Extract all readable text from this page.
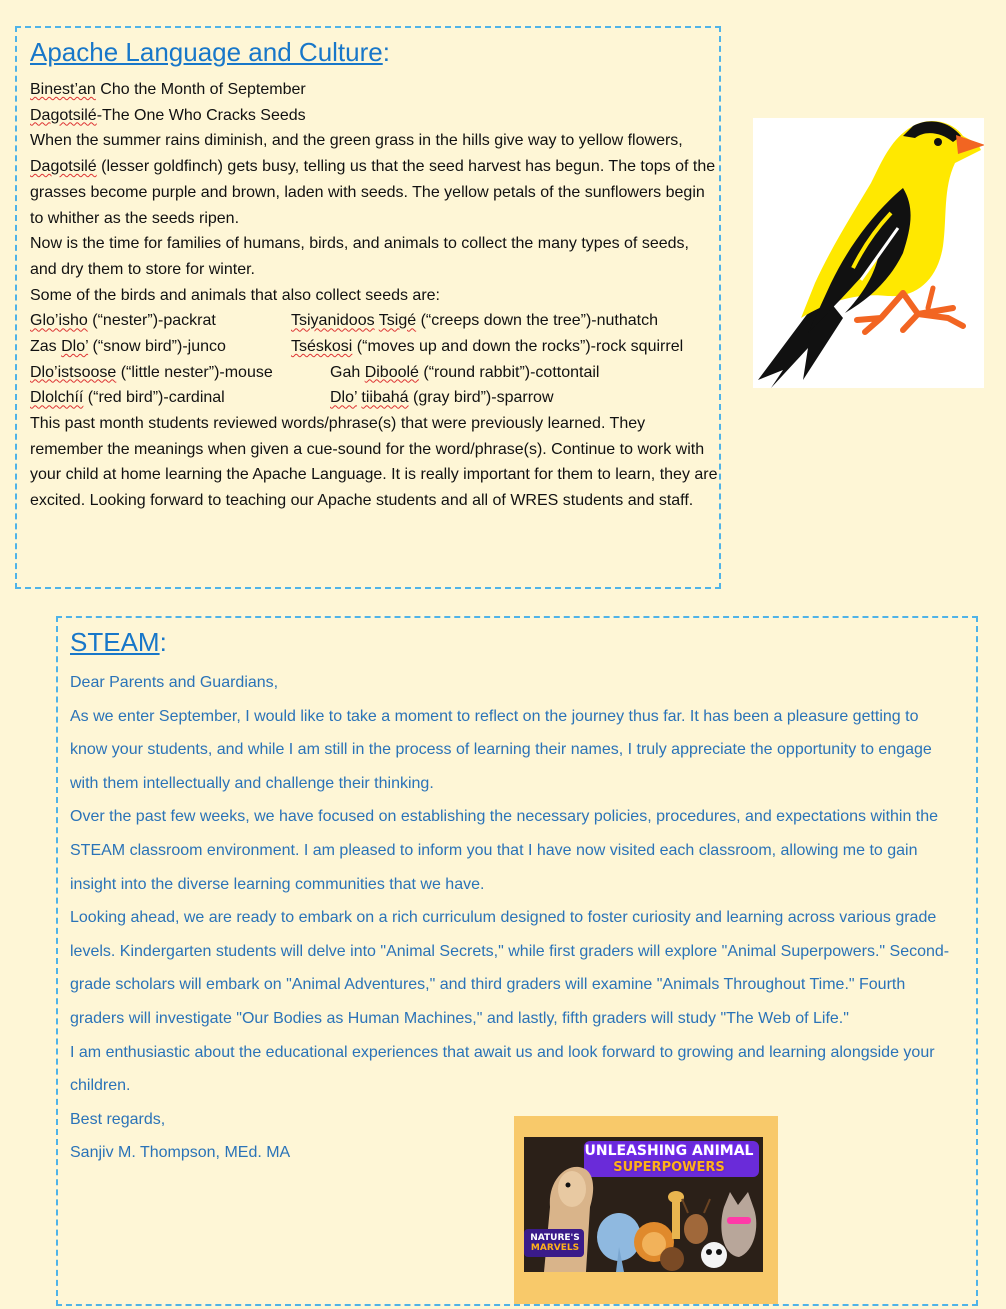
Apache Language and Culture:

Binest’an Cho the Month of September

Dagotsilé-The One Who Cracks Seeds

When the summer rains diminish, and the green grass in the hills give way to yellow flowers,

Dagotsilé (lesser goldfinch) gets busy, telling us that the seed harvest has begun. The tops of the grasses become purple and brown, laden with seeds. The yellow petals of the sunflowers begin to whither as the seeds ripen.

Now is the time for families of humans, birds, and animals to collect the many types of seeds, and dry them to store for winter.

Some of the birds and animals that also collect seeds are:

Glo’isho (“nester”)-packrat	Tsiyanidoos Tsigé (“creeps down the tree”)-nuthatch
Zas Dlo’ (“snow bird”)-junco	Tséskosi (“moves up and down the rocks”)-rock squirrel
Dlo’istsoose (“little nester”)-mouse	Gah Diboolé (“round rabbit”)-cottontail
Dlolchíí (“red bird”)-cardinal	Dlo’ tiibahá (gray bird”)-sparrow

This past month students reviewed words/phrase(s) that were previously learned. They remember the meanings when given a cue-sound for the word/phrase(s). Continue to work with your child at home learning the Apache Language. It is really important for them to learn, they are excited. Looking forward to teaching our Apache students and all of WRES students and staff.

STEAM:

Dear Parents and Guardians,

As we enter September, I would like to take a moment to reflect on the journey thus far. It has been a pleasure getting to know your students, and while I am still in the process of learning their names, I truly appreciate the opportunity to engage with them intellectually and challenge their thinking.

Over the past few weeks, we have focused on establishing the necessary policies, procedures, and expectations within the STEAM classroom environment. I am pleased to inform you that I have now visited each classroom, allowing me to gain insight into the diverse learning communities that we have.

Looking ahead, we are ready to embark on a rich curriculum designed to foster curiosity and learning across various grade levels. Kindergarten students will delve into "Animal Secrets," while first graders will explore "Animal Superpowers." Second-grade scholars will embark on "Animal Adventures," and third graders will examine "Animals Throughout Time." Fourth graders will investigate "Our Bodies as Human Machines," and lastly, fifth graders will study "The Web of Life."

I am enthusiastic about the educational experiences that await us and look forward to growing and learning alongside your children.

Best regards,

Sanjiv M. Thompson, MEd. MA	UNLEASHING ANIMAL
SUPERPOWERS
NATURE'S
MARVELS
